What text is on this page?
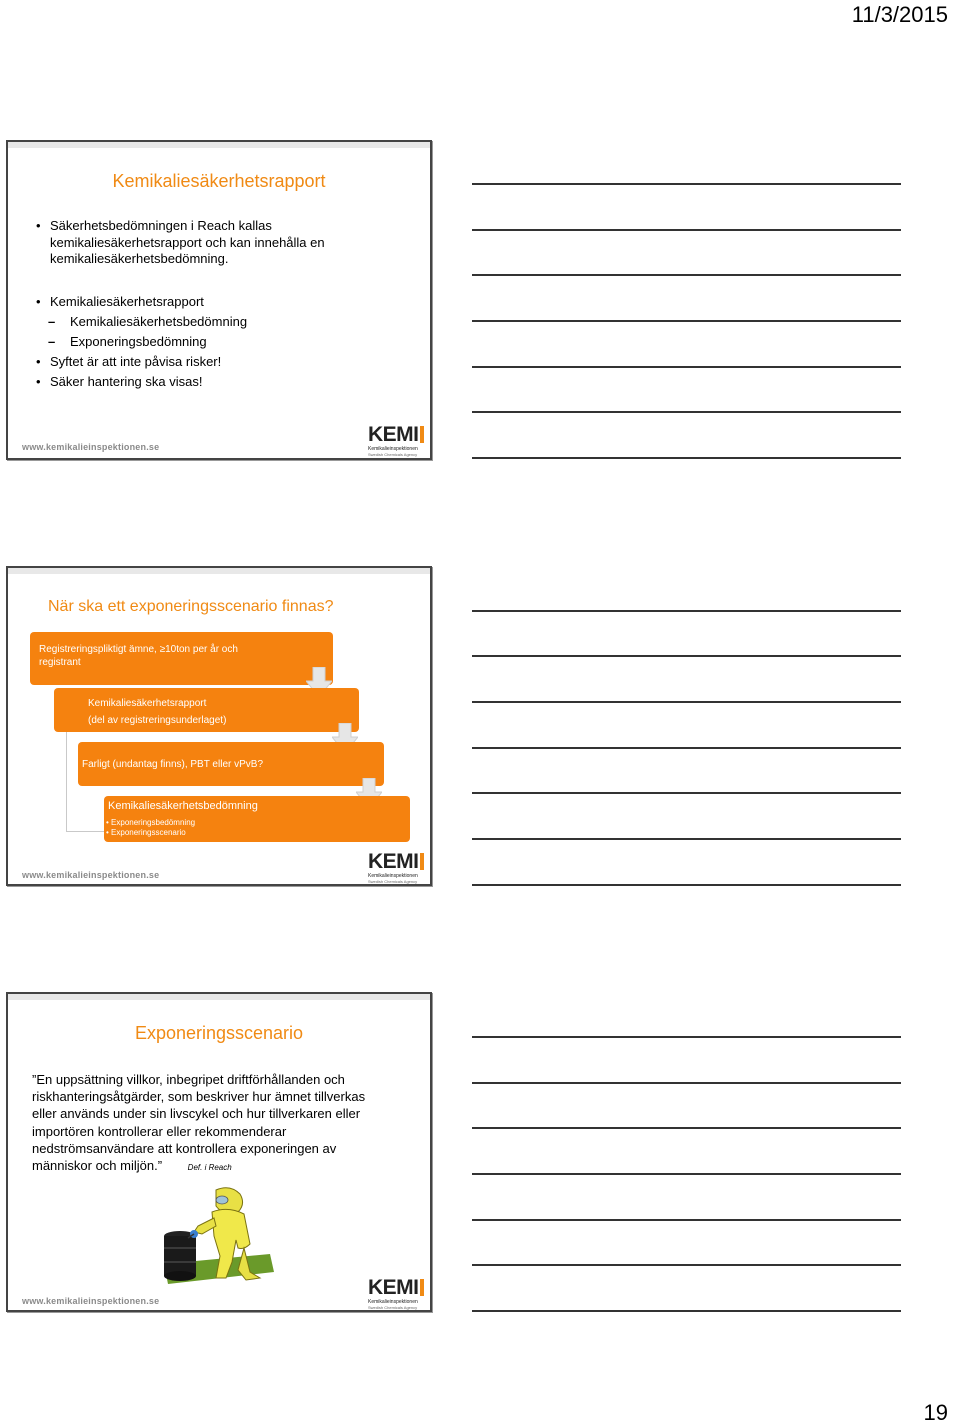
11/3/2015
19
Kemikaliesäkerhetsrapport
• Säkerhetsbedömningen i Reach kallas
kemikaliesäkerhetsrapport och kan innehålla en
kemikaliesäkerhetsbedömning.
• Kemikaliesäkerhetsrapport
– Kemikaliesäkerhetsbedömning
– Exponeringsbedömning
• Syftet är att inte påvisa risker!
• Säker hantering ska visas!
www.kemikalieinspektionen.se
KEMI
Kemikalieinspektionen
Swedish Chemicals Agency
När ska ett exponeringsscenario finnas?
Registreringspliktigt ämne, ≥10ton per år och
registrant
Kemikaliesäkerhetsrapport
(del av registreringsunderlaget)
Farligt (undantag finns), PBT eller vPvB?
Kemikaliesäkerhetsbedömning
• Exponeringsbedömning
• Exponeringsscenario
www.kemikalieinspektionen.se
KEMI
Kemikalieinspektionen
Swedish Chemicals Agency
Exponeringsscenario
”En uppsättning villkor, inbegripet driftförhållanden och
riskhanteringsåtgärder, som beskriver hur ämnet tillverkas
eller används under sin livscykel och hur tillverkaren eller
importören kontrollerar eller rekommenderar
nedströmsanvändare att kontrollera exponeringen av
människor och miljön.”	Def. i Reach
www.kemikalieinspektionen.se
KEMI
Kemikalieinspektionen
Swedish Chemicals Agency
